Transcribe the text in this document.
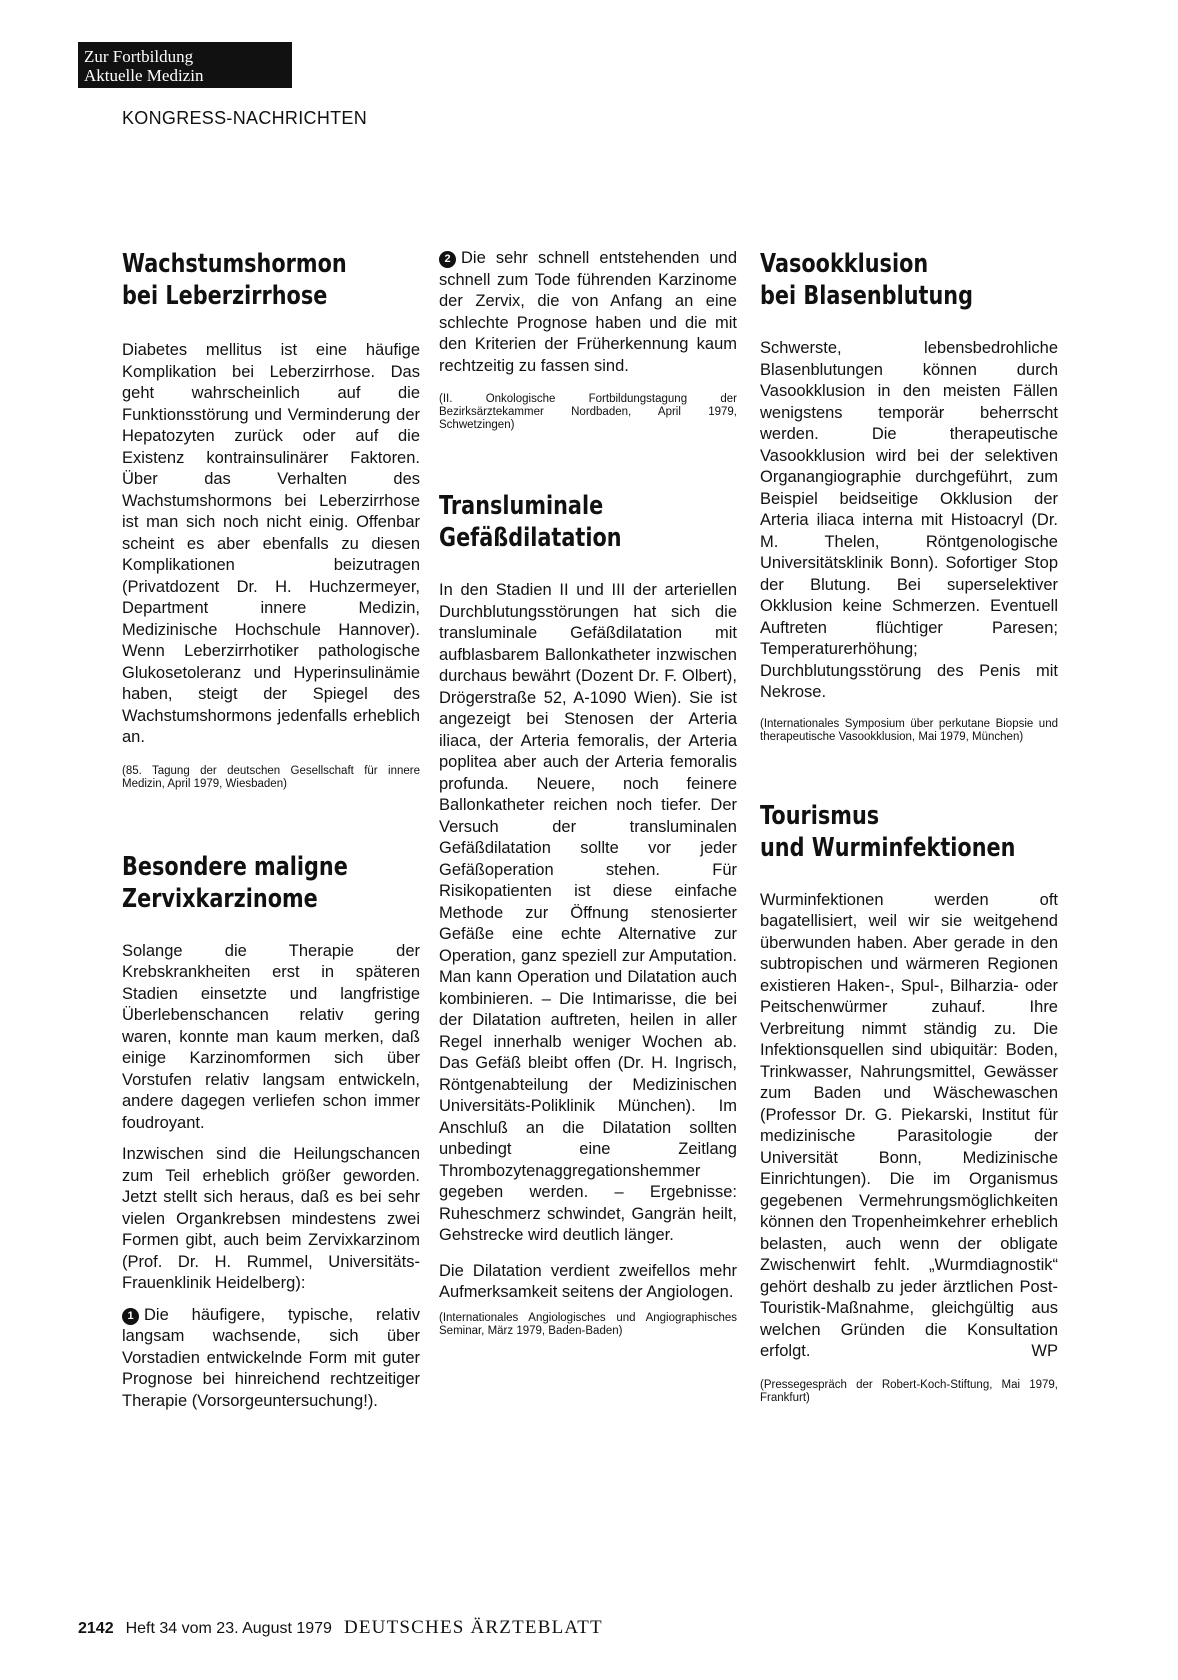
Zur Fortbildung
Aktuelle Medizin
KONGRESS-NACHRICHTEN
Wachstumshormon
bei Leberzirrhose

Diabetes mellitus ist eine häufige Komplikation bei Leberzirrhose. Das geht wahrscheinlich auf die Funktionsstörung und Verminderung der Hepatozyten zurück oder auf die Existenz kontrainsulinärer Faktoren. Über das Verhalten des Wachstumshormons bei Leberzirrhose ist man sich noch nicht einig. Offenbar scheint es aber ebenfalls zu diesen Komplikationen beizutragen (Privatdozent Dr. H. Huchzermeyer, Department innere Medizin, Medizinische Hochschule Hannover). Wenn Leberzirrhotiker pathologische Glukosetoleranz und Hyperinsulinämie haben, steigt der Spiegel des Wachstumshormons jedenfalls erheblich an.

(85. Tagung der deutschen Gesellschaft für innere Medizin, April 1979, Wiesbaden)

Besondere maligne
Zervixkarzinome

Solange die Therapie der Krebskrankheiten erst in späteren Stadien einsetzte und langfristige Überlebenschancen relativ gering waren, konnte man kaum merken, daß einige Karzinomformen sich über Vorstufen relativ langsam entwickeln, andere dagegen verliefen schon immer foudroyant.

Inzwischen sind die Heilungschancen zum Teil erheblich größer geworden. Jetzt stellt sich heraus, daß es bei sehr vielen Organkrebsen mindestens zwei Formen gibt, auch beim Zervixkarzinom (Prof. Dr. H. Rummel, Universitäts-Frauenklinik Heidelberg):

1 Die häufigere, typische, relativ langsam wachsende, sich über Vorstadien entwickelnde Form mit guter Prognose bei hinreichend rechtzeitiger Therapie (Vorsorgeuntersuchung!).

2 Die sehr schnell entstehenden und schnell zum Tode führenden Karzinome der Zervix, die von Anfang an eine schlechte Prognose haben und die mit den Kriterien der Früherkennung kaum rechtzeitig zu fassen sind.

(II. Onkologische Fortbildungstagung der Bezirksärztekammer Nordbaden, April 1979, Schwetzingen)

Transluminale
Gefäßdilatation

In den Stadien II und III der arteriellen Durchblutungsstörungen hat sich die transluminale Gefäßdilatation mit aufblasbarem Ballonkatheter inzwischen durchaus bewährt (Dozent Dr. F. Olbert), Drögerstraße 52, A-1090 Wien). Sie ist angezeigt bei Stenosen der Arteria iliaca, der Arteria femoralis, der Arteria poplitea aber auch der Arteria femoralis profunda. Neuere, noch feinere Ballonkatheter reichen noch tiefer. Der Versuch der transluminalen Gefäßdilatation sollte vor jeder Gefäßoperation stehen. Für Risikopatienten ist diese einfache Methode zur Öffnung stenosierter Gefäße eine echte Alternative zur Operation, ganz speziell zur Amputation. Man kann Operation und Dilatation auch kombinieren. – Die Intimarisse, die bei der Dilatation auftreten, heilen in aller Regel innerhalb weniger Wochen ab. Das Gefäß bleibt offen (Dr. H. Ingrisch, Röntgenabteilung der Medizinischen Universitäts-Poliklinik München). Im Anschluß an die Dilatation sollten unbedingt eine Zeitlang Thrombozytenaggregationshemmer gegeben werden. – Ergebnisse: Ruheschmerz schwindet, Gangrän heilt, Gehstrecke wird deutlich länger.

Die Dilatation verdient zweifellos mehr Aufmerksamkeit seitens der Angiologen.

(Internationales Angiologisches und Angiographisches Seminar, März 1979, Baden-Baden)

Vasookklusion
bei Blasenblutung

Schwerste, lebensbedrohliche Blasenblutungen können durch Vasookklusion in den meisten Fällen wenigstens temporär beherrscht werden. Die therapeutische Vasookklusion wird bei der selektiven Organangiographie durchgeführt, zum Beispiel beidseitige Okklusion der Arteria iliaca interna mit Histoacryl (Dr. M. Thelen, Röntgenologische Universitätsklinik Bonn). Sofortiger Stop der Blutung. Bei superselektiver Okklusion keine Schmerzen. Eventuell Auftreten flüchtiger Paresen; Temperaturerhöhung; Durchblutungsstörung des Penis mit Nekrose.

(Internationales Symposium über perkutane Biopsie und therapeutische Vasookklusion, Mai 1979, München)

Tourismus
und Wurminfektionen

Wurminfektionen werden oft bagatellisiert, weil wir sie weitgehend überwunden haben. Aber gerade in den subtropischen und wärmeren Regionen existieren Haken-, Spul-, Bilharzia- oder Peitschenwürmer zuhauf. Ihre Verbreitung nimmt ständig zu. Die Infektionsquellen sind ubiquitär: Boden, Trinkwasser, Nahrungsmittel, Gewässer zum Baden und Wäschewaschen (Professor Dr. G. Piekarski, Institut für medizinische Parasitologie der Universität Bonn, Medizinische Einrichtungen). Die im Organismus gegebenen Vermehrungsmöglichkeiten können den Tropenheimkehrer erheblich belasten, auch wenn der obligate Zwischenwirt fehlt. „Wurmdiagnostik“ gehört deshalb zu jeder ärztlichen Post-Touristik-Maßnahme, gleichgültig aus welchen Gründen die Konsultation erfolgt.	WP

(Pressegespräch der Robert-Koch-Stiftung, Mai 1979, Frankfurt)

2142 Heft 34 vom 23. August 1979 DEUTSCHES ÄRZTEBLATT
